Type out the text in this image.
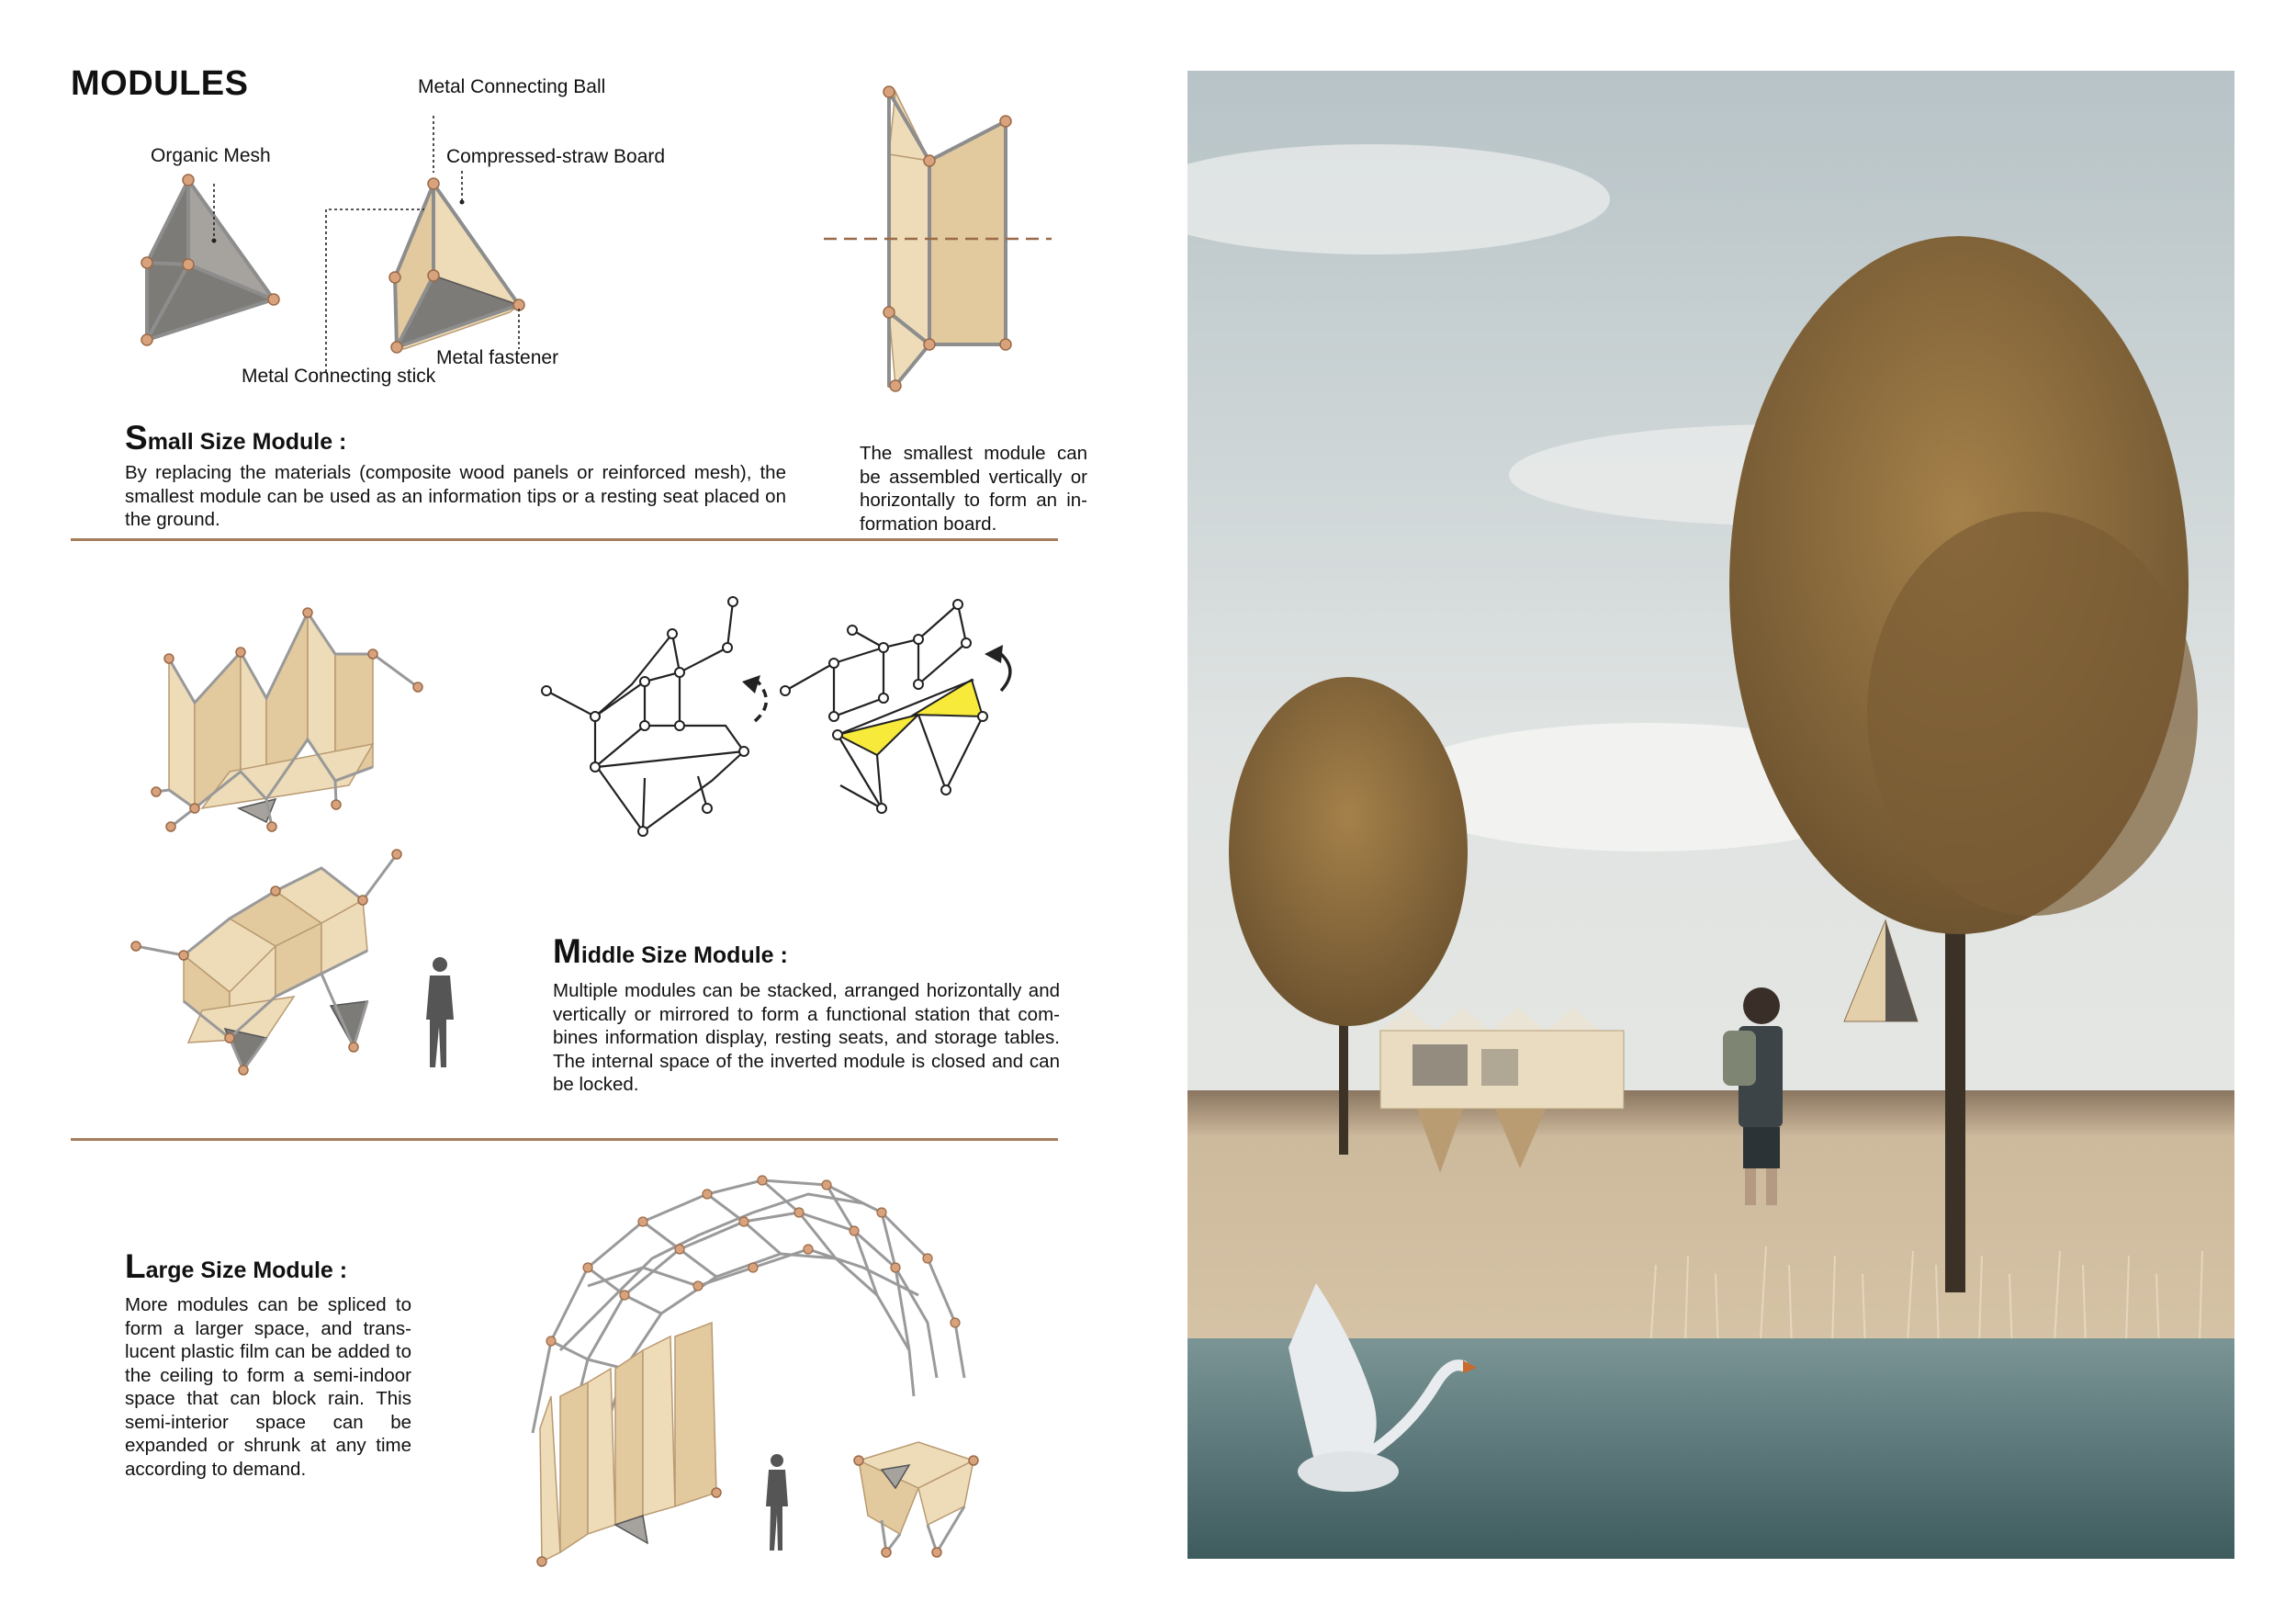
MODULES
Organic Mesh
Metal Connecting Ball
Compressed-straw Board
Metal fastener
Metal Connecting stick
Small Size Module :
By replacing the materials (composite wood panels or reinforced mesh), the smallest module can be used as an information tips or a resting seat placed on the ground.
The smallest module can be assembled vertically or horizontally to form an information board.
Middle Size Module :
Multiple modules can be stacked, arranged horizontally and vertically or mirrored to form a functional station that combines information display, resting seats, and storage tables. The internal space of the inverted module is closed and can be locked.
Large Size Module :
More modules can be spliced to form a larger space, and translucent plastic film can be added to the ceiling to form a semi-indoor space that can block rain. This semi-interior space can be expanded or shrunk at any time according to demand.
